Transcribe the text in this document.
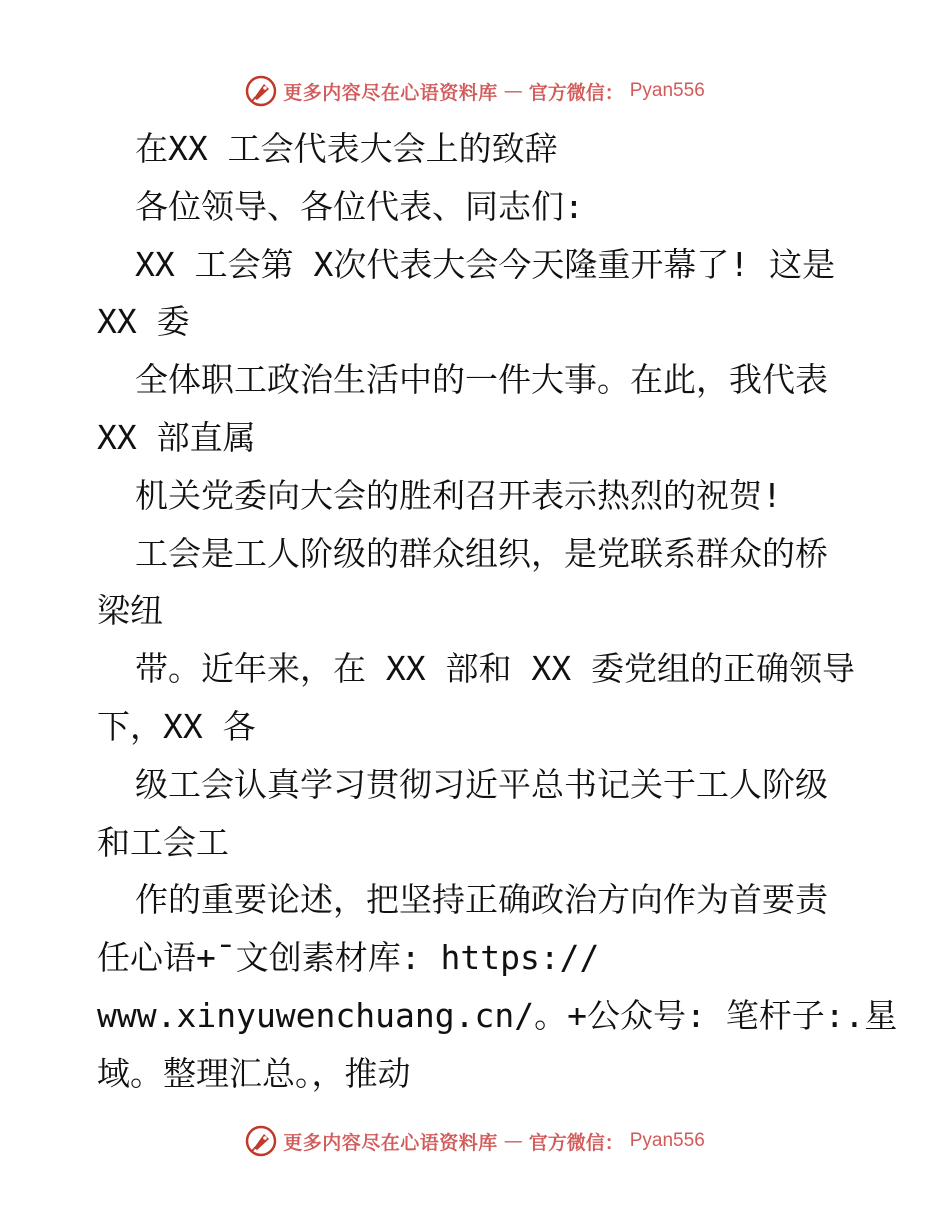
更多内容尽在心语资料库 — 官方微信： Pyan556
在XX 工会代表大会上的致辞
各位领导、各位代表、同志们:
XX 工会第 X次代表大会今天隆重开幕了! 这是
XX 委
全体职工政治生活中的一件大事。在此，我代表
XX 部直属
机关党委向大会的胜利召开表示热烈的祝贺!
工会是工人阶级的群众组织，是党联系群众的桥
梁纽
带。近年来，在 XX 部和 XX 委党组的正确领导
下，XX 各
级工会认真学习贯彻习近平总书记关于工人阶级
和工会工
作的重要论述，把坚持正确政治方向作为首要责
任心语+¯文创素材库: https://
www.xinyuwenchuang.cn/。+公众号: 笔杆子:.星
域。整理汇总。，推动
更多内容尽在心语资料库 — 官方微信： Pyan556
